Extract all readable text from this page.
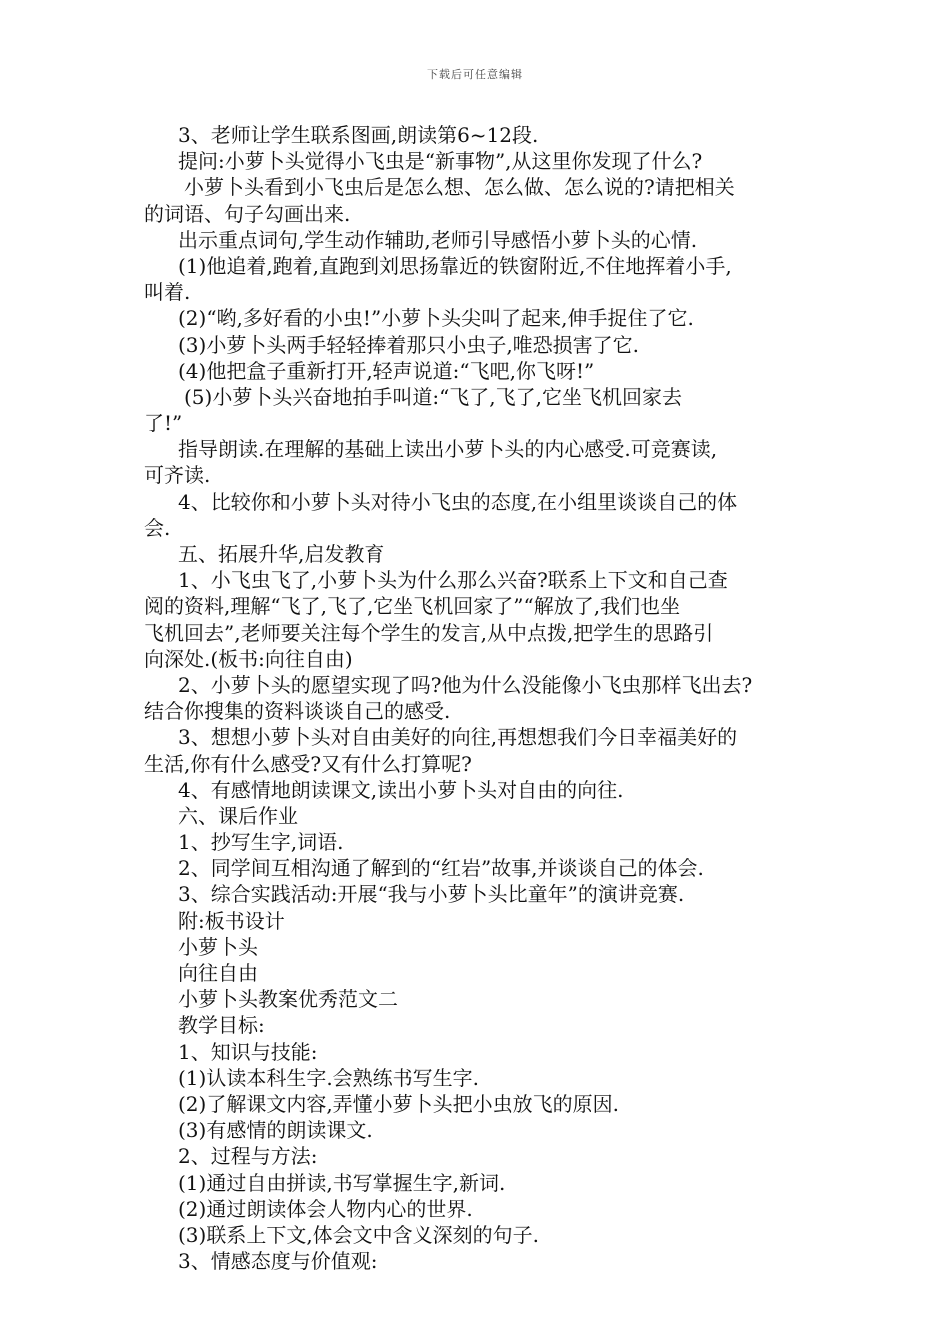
下载后可任意编辑
3、老师让学生联系图画,朗读第6~12段.
提问:小萝卜头觉得小飞虫是“新事物”,从这里你发现了什么?
小萝卜头看到小飞虫后是怎么想、怎么做、怎么说的?请把相关
的词语、句子勾画出来.
出示重点词句,学生动作辅助,老师引导感悟小萝卜头的心情.
(1)他追着,跑着,直跑到刘思扬靠近的铁窗附近,不住地挥着小手,
叫着.
(2)“哟,多好看的小虫!”小萝卜头尖叫了起来,伸手捉住了它.
(3)小萝卜头两手轻轻捧着那只小虫子,唯恐损害了它.
(4)他把盒子重新打开,轻声说道:“飞吧,你飞呀!”
(5)小萝卜头兴奋地拍手叫道:“飞了,飞了,它坐飞机回家去
了!”
指导朗读.在理解的基础上读出小萝卜头的内心感受.可竞赛读,
可齐读.
4、比较你和小萝卜头对待小飞虫的态度,在小组里谈谈自己的体
会.
五、拓展升华,启发教育
1、小飞虫飞了,小萝卜头为什么那么兴奋?联系上下文和自己查
阅的资料,理解“飞了,飞了,它坐飞机回家了”“解放了,我们也坐
飞机回去”,老师要关注每个学生的发言,从中点拨,把学生的思路引
向深处.(板书:向往自由)
2、小萝卜头的愿望实现了吗?他为什么没能像小飞虫那样飞出去?
结合你搜集的资料谈谈自己的感受.
3、想想小萝卜头对自由美好的向往,再想想我们今日幸福美好的
生活,你有什么感受?又有什么打算呢?
4、有感情地朗读课文,读出小萝卜头对自由的向往.
六、课后作业
1、抄写生字,词语.
2、同学间互相沟通了解到的“红岩”故事,并谈谈自己的体会.
3、综合实践活动:开展“我与小萝卜头比童年”的演讲竞赛.
附:板书设计
小萝卜头
向往自由
小萝卜头教案优秀范文二
教学目标:
1、知识与技能:
(1)认读本科生字.会熟练书写生字.
(2)了解课文内容,弄懂小萝卜头把小虫放飞的原因.
(3)有感情的朗读课文.
2、过程与方法:
(1)通过自由拼读,书写掌握生字,新词.
(2)通过朗读体会人物内心的世界.
(3)联系上下文,体会文中含义深刻的句子.
3、情感态度与价值观:
